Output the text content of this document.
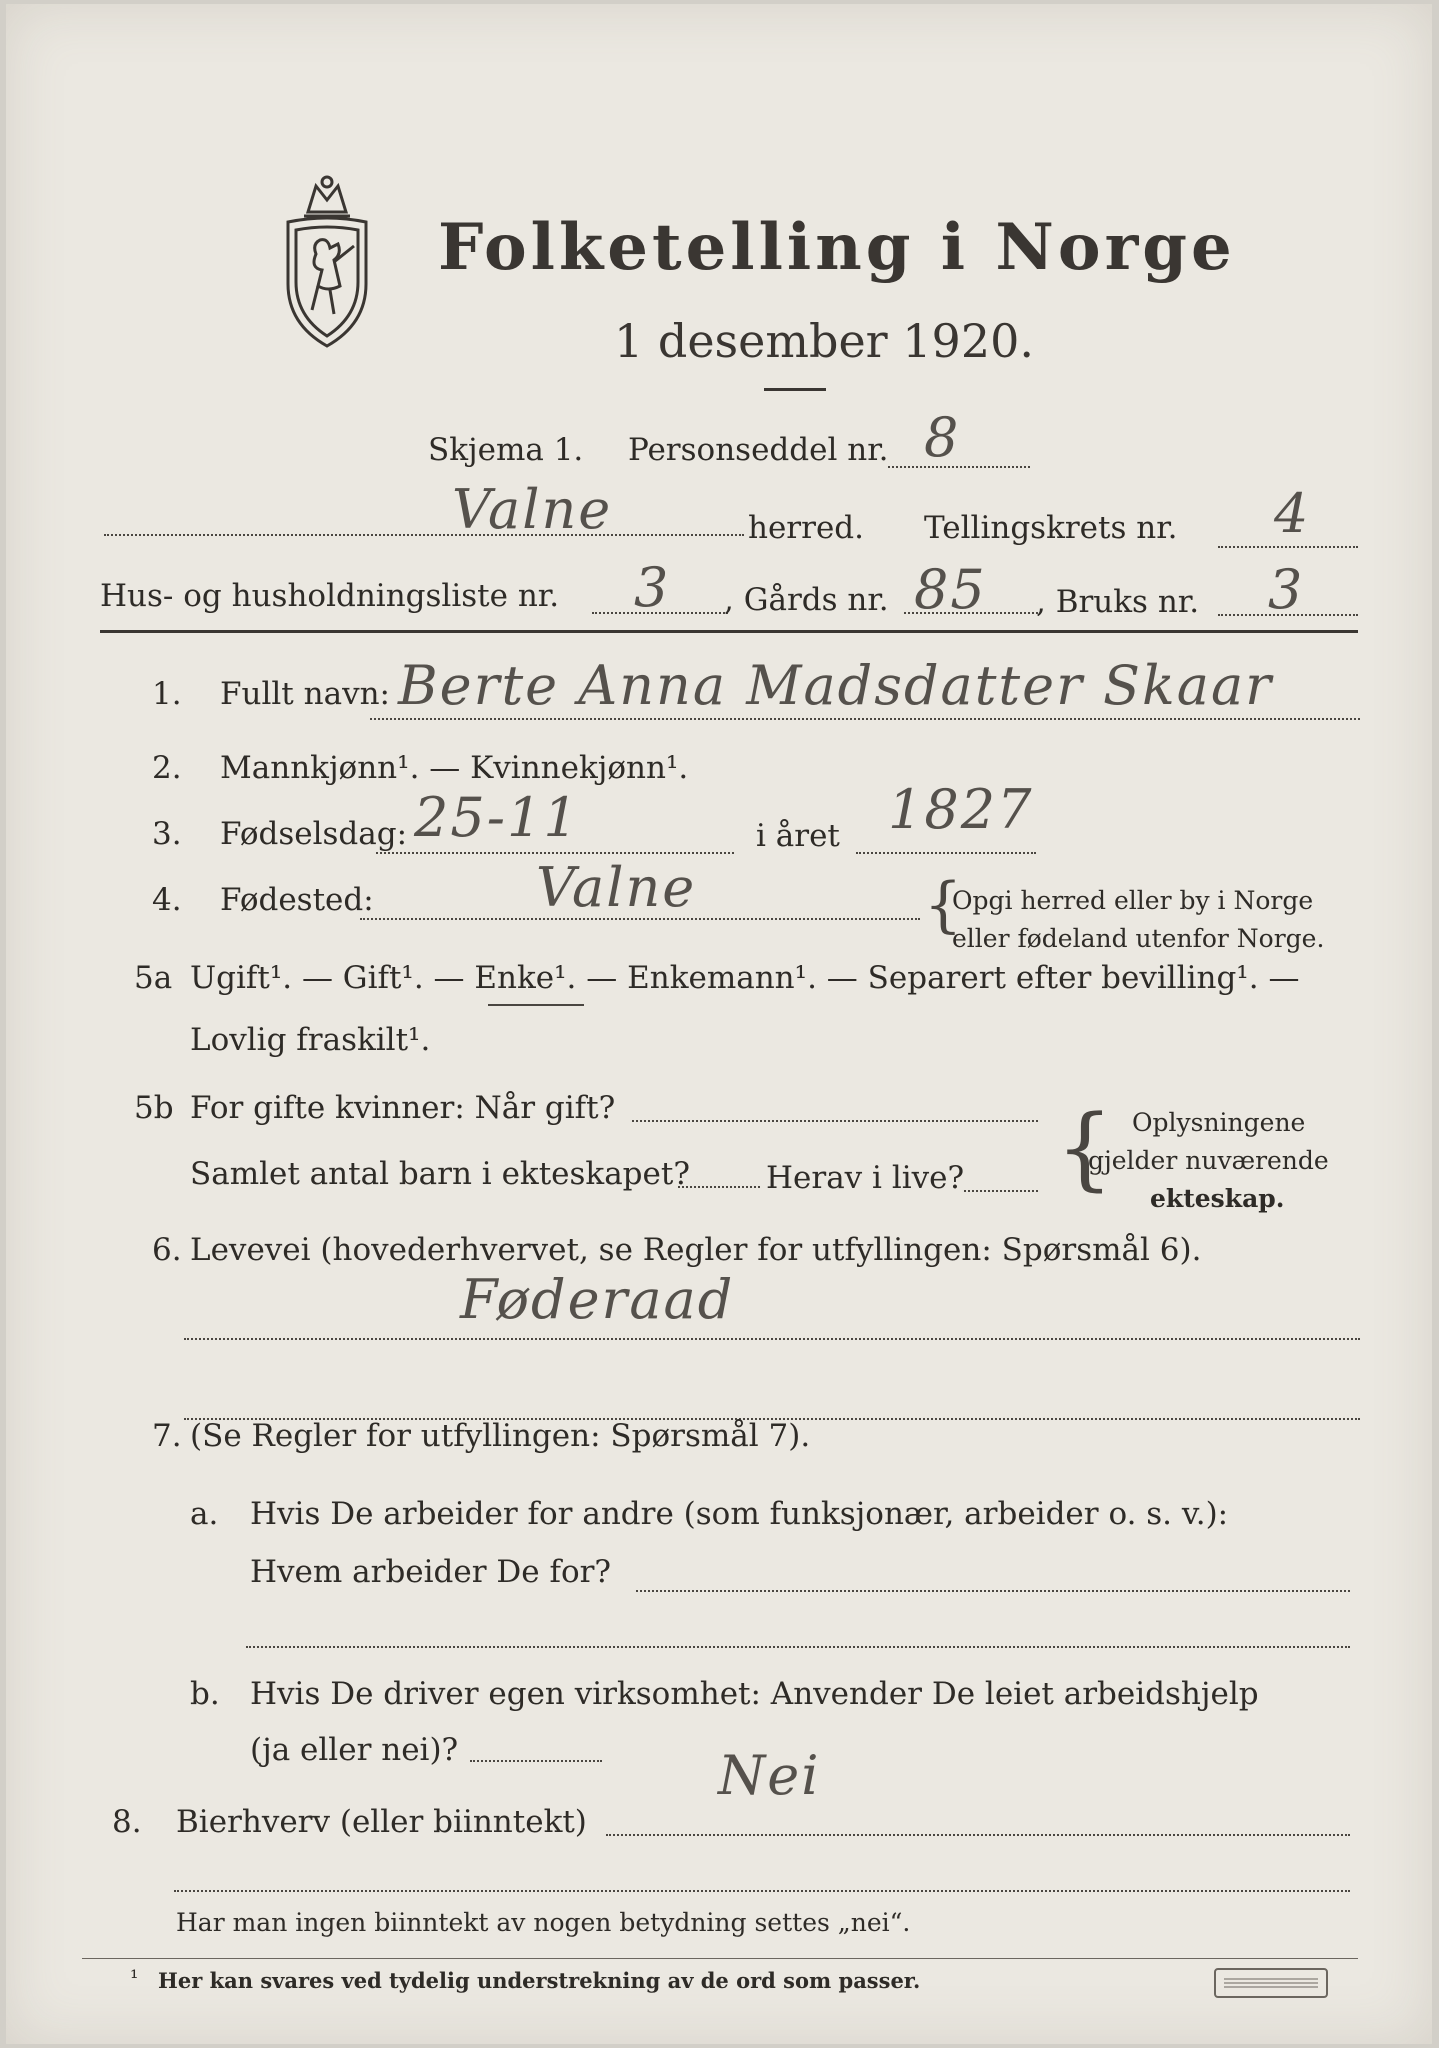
Folketelling i Norge
1 desember 1920.
Skjema 1. Personseddel nr. 8
Valne	herred. Tellingskrets nr. 4
Hus- og husholdningsliste nr. 3 , Gårds nr. 85 , Bruks nr. 3
1. Fullt navn: Berte Anna Madsdatter Skaar
2. Mannkjønn¹. — Kvinnekjønn¹.
3. Fødselsdag: 25-11	i året 1827
4. Fødested:	Valne	{
Opgi herred eller by i Norge
eller fødeland utenfor Norge.
5a Ugift¹. — Gift¹. — Enke¹. — Enkemann¹. — Separert efter bevilling¹. —
Lovlig fraskilt¹.
5b For gifte kvinner: Når gift?
Samlet antal barn i ekteskapet? Herav i live? { Oplysningene
gjelder nuværende
ekteskap.
6. Levevei (hovederhvervet, se Regler for utfyllingen: Spørsmål 6).
Føderaad
7. (Se Regler for utfyllingen: Spørsmål 7).
a. Hvis De arbeider for andre (som funksjonær, arbeider o. s. v.):
Hvem arbeider De for?
b. Hvis De driver egen virksomhet: Anvender De leiet arbeidshjelp
(ja eller nei)?
8. Bierhverv (eller biinntekt)
Nei
Har man ingen biinntekt av nogen betydning settes „nei“.
¹ Her kan svares ved tydelig understrekning av de ord som passer.
